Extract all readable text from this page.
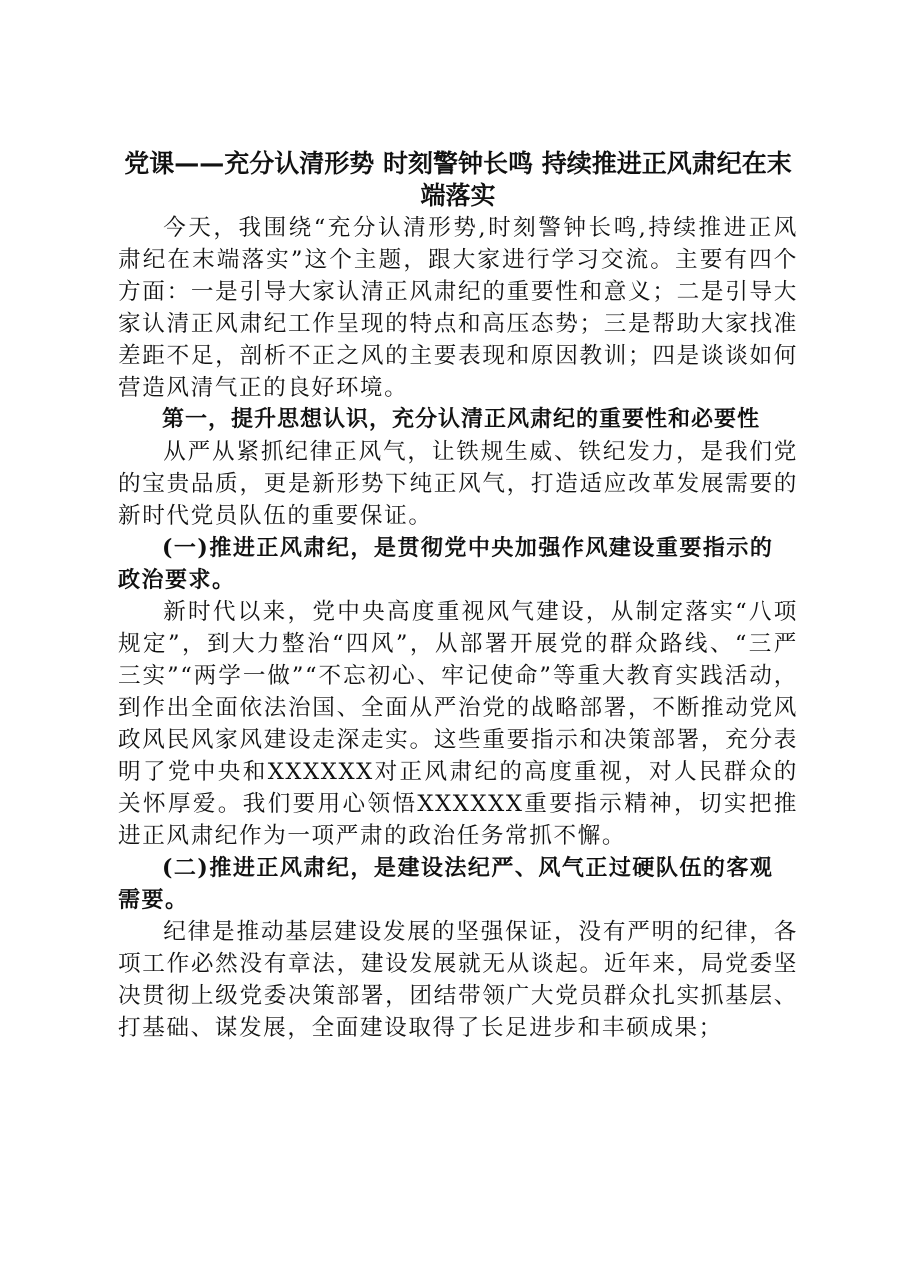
党课——充分认清形势 时刻警钟长鸣 持续推进正风肃纪在末端落实

今天，我围绕“充分认清形势,时刻警钟长鸣,持续推进正风肃纪在末端落实”这个主题，跟大家进行学习交流。主要有四个方面：一是引导大家认清正风肃纪的重要性和意义；二是引导大家认清正风肃纪工作呈现的特点和高压态势；三是帮助大家找准差距不足，剖析不正之风的主要表现和原因教训；四是谈谈如何营造风清气正的良好环境。

第一，提升思想认识，充分认清正风肃纪的重要性和必要性

从严从紧抓纪律正风气，让铁规生威、铁纪发力，是我们党的宝贵品质，更是新形势下纯正风气，打造适应改革发展需要的新时代党员队伍的重要保证。

(一)推进正风肃纪，是贯彻党中央加强作风建设重要指示的政治要求。

新时代以来，党中央高度重视风气建设，从制定落实“八项规定”，到大力整治“四风”，从部署开展党的群众路线、“三严三实”“两学一做”“不忘初心、牢记使命”等重大教育实践活动，到作出全面依法治国、全面从严治党的战略部署，不断推动党风政风民风家风建设走深走实。这些重要指示和决策部署，充分表明了党中央和XXXXXX对正风肃纪的高度重视，对人民群众的关怀厚爱。我们要用心领悟XXXXXX重要指示精神，切实把推进正风肃纪作为一项严肃的政治任务常抓不懈。

(二)推进正风肃纪，是建设法纪严、风气正过硬队伍的客观需要。

纪律是推动基层建设发展的坚强保证，没有严明的纪律，各项工作必然没有章法，建设发展就无从谈起。近年来，局党委坚决贯彻上级党委决策部署，团结带领广大党员群众扎实抓基层、打基础、谋发展，全面建设取得了长足进步和丰硕成果；
